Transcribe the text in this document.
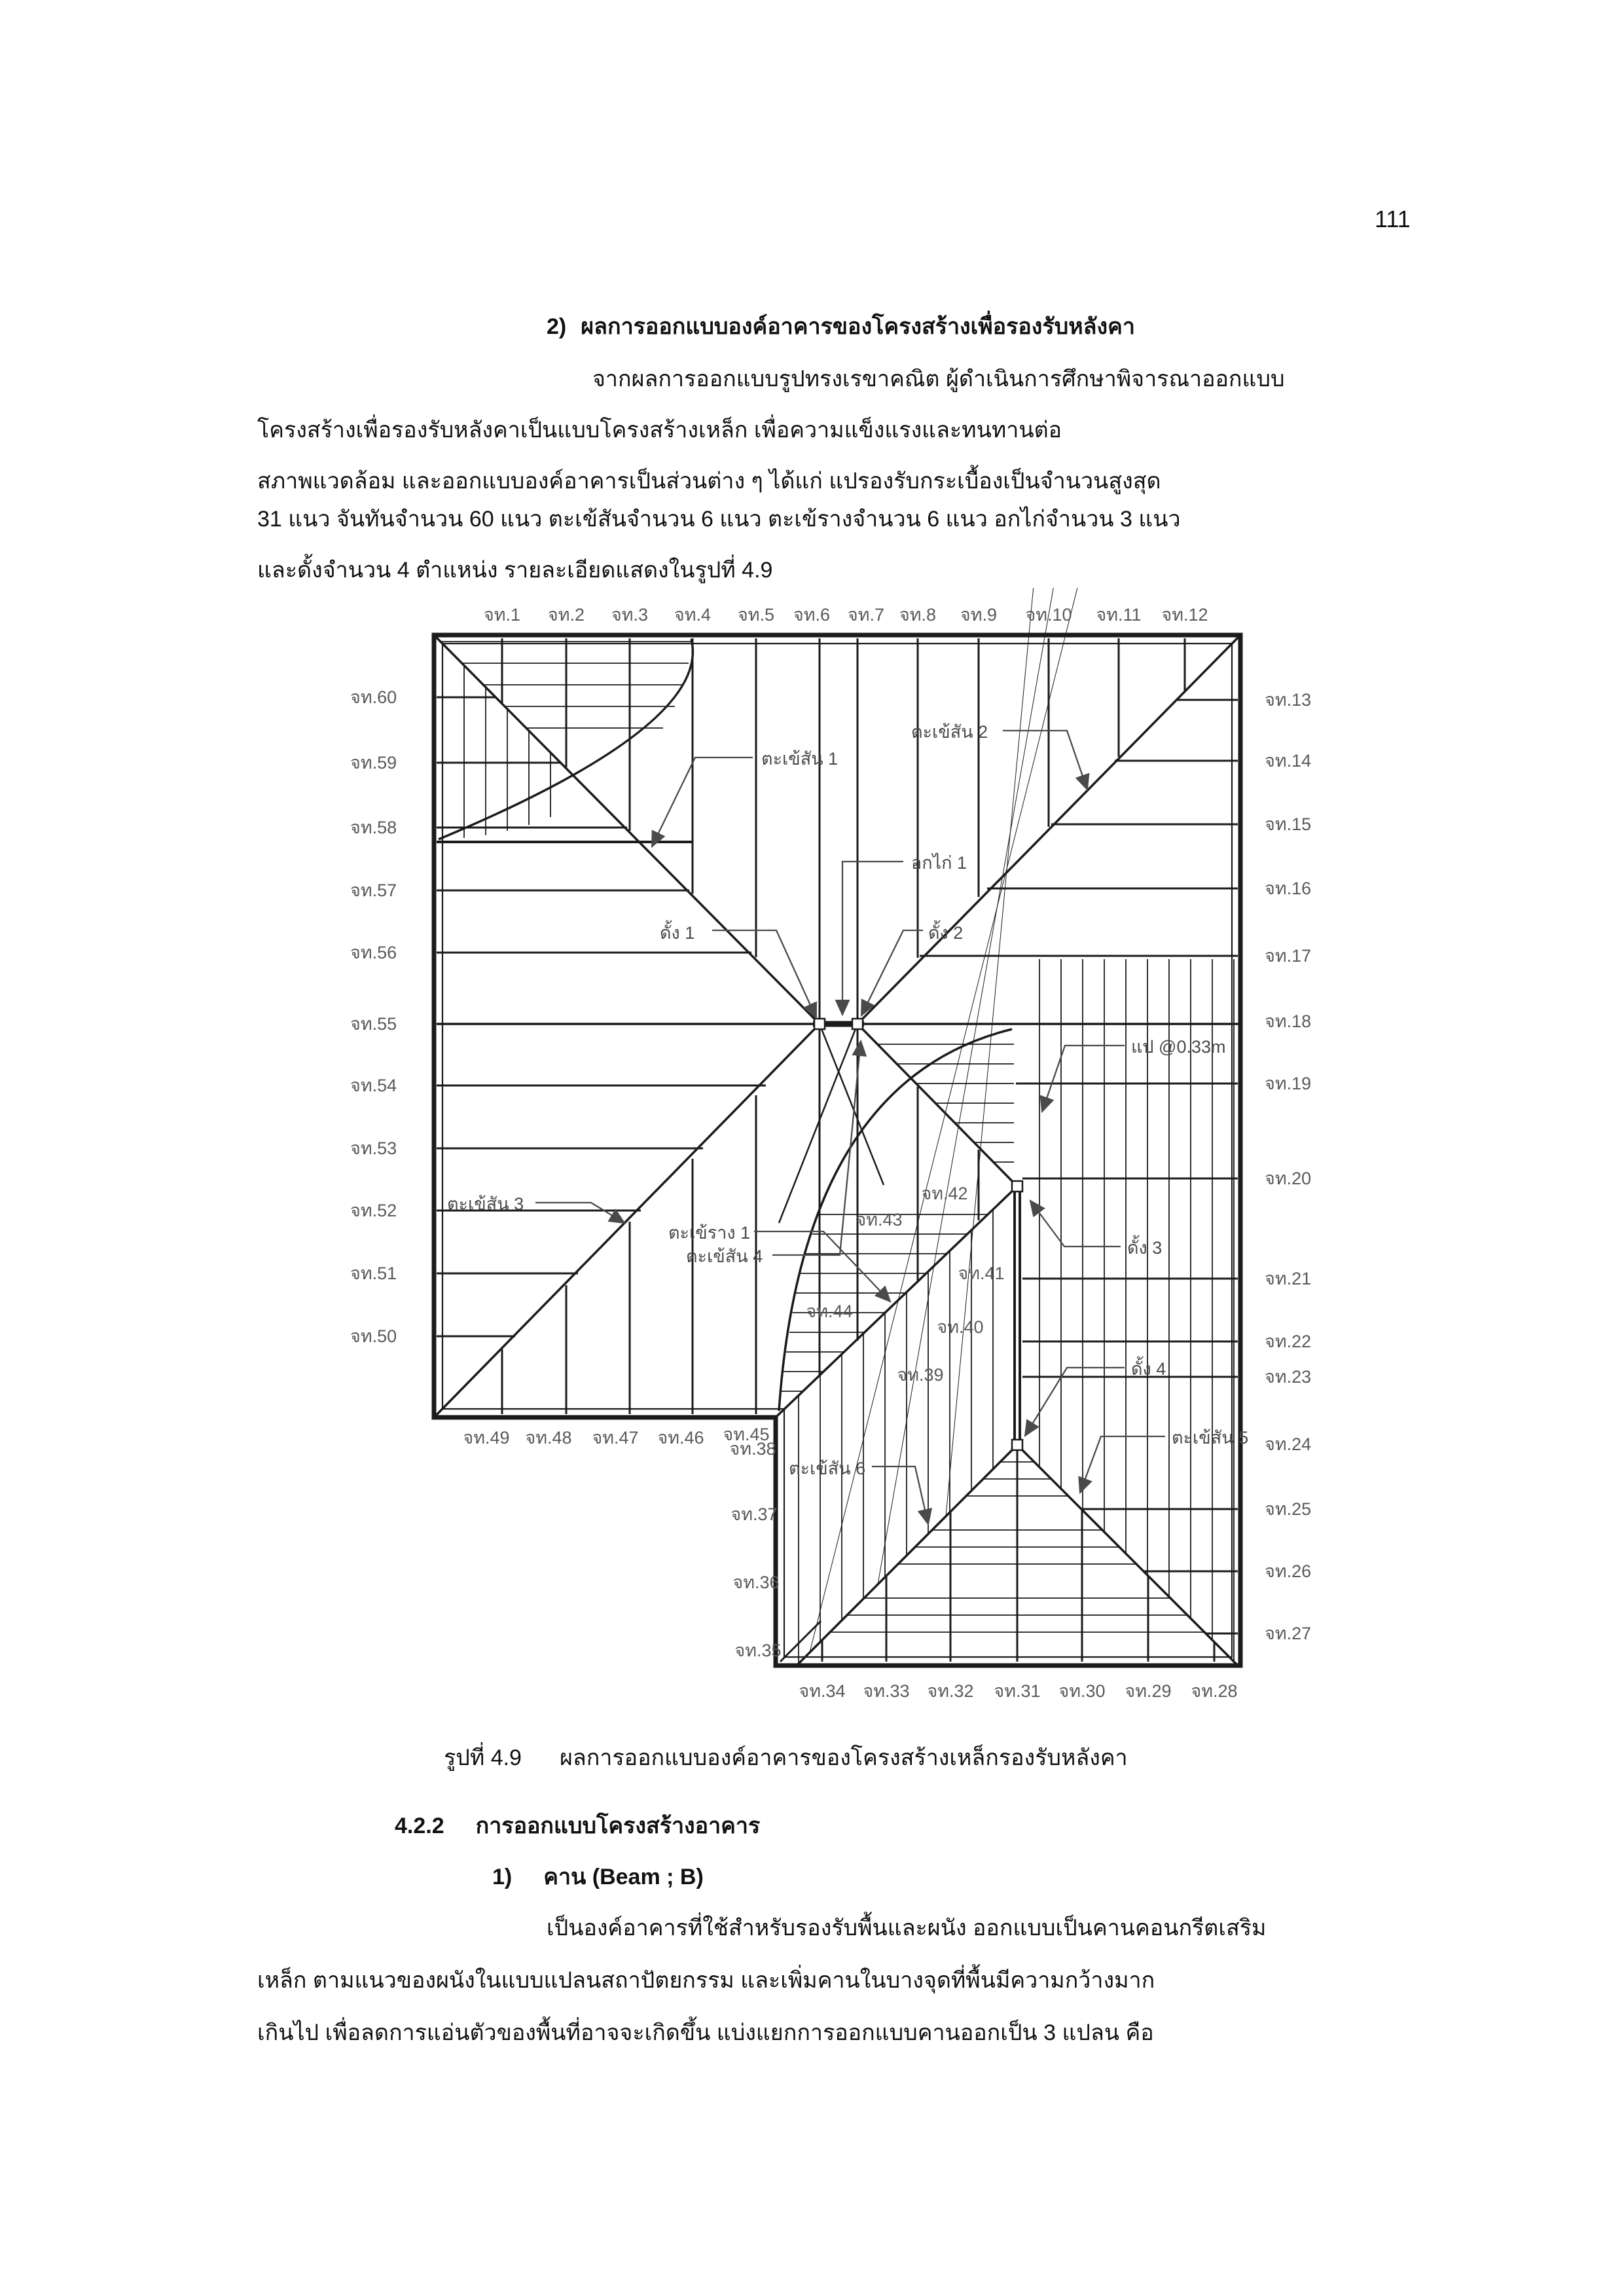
111
2) ผลการออกแบบองค์อาคารของโครงสร้างเพื่อรองรับหลังคา
จากผลการออกแบบรูปทรงเรขาคณิต ผู้ดำเนินการศึกษาพิจารณาออกแบบ
โครงสร้างเพื่อรองรับหลังคาเป็นแบบโครงสร้างเหล็ก เพื่อความแข็งแรงและทนทานต่อ
สภาพแวดล้อม และออกแบบองค์อาคารเป็นส่วนต่าง ๆ ได้แก่ แปรองรับกระเบื้องเป็นจำนวนสูงสุด
31 แนว จันทันจำนวน 60 แนว ตะเข้สันจำนวน 6 แนว ตะเข้รางจำนวน 6 แนว อกไก่จำนวน 3 แนว
และดั้งจำนวน 4 ตำแหน่ง รายละเอียดแสดงในรูปที่ 4.9
จท.1 จท.2 จท.3 จท.4 จท.5 จท.6 จท.7 จท.8 จท.9 จท.10 จท.11 จท.12
จท.60
จท.59
จท.58
จท.57
จท.56
จท.55
จท.54
จท.53
จท.52
จท.51
จท.50
จท.13
จท.14
จท.15
จท.16
จท.17
จท.18
จท.19
จท.20
จท.21
จท.22
จท.23
จท.24
จท.25
จท.26
จท.27
จท.34 จท.33 จท.32 จท.31 จท.30 จท.29 จท.28
จท.49 จท.48 จท.47 จท.46 จท.45
จท.38
จท.37
จท.36
จท.35
จท.42
จท.43
จท.41
จท.44
จท.40
จท.39
ตะเข้สัน 1
ตะเข้สัน 2
อกไก่ 1
ดั้ง 1	ดั้ง 2
ตะเข้สัน 3
ตะเข้สัน 4
ตะเข้ราง 1
แป @0.33m
ดั้ง 3
ดั้ง 4
ตะเข้สัน 5
ตะเข้สัน 6
รูปที่ 4.9 ผลการออกแบบองค์อาคารของโครงสร้างเหล็กรองรับหลังคา
4.2.2 การออกแบบโครงสร้างอาคาร
1) คาน (Beam ; B)
เป็นองค์อาคารที่ใช้สำหรับรองรับพื้นและผนัง ออกแบบเป็นคานคอนกรีตเสริม
เหล็ก ตามแนวของผนังในแบบแปลนสถาปัตยกรรม และเพิ่มคานในบางจุดที่พื้นมีความกว้างมาก
เกินไป เพื่อลดการแอ่นตัวของพื้นที่อาจจะเกิดขึ้น แบ่งแยกการออกแบบคานออกเป็น 3 แปลน คือ
